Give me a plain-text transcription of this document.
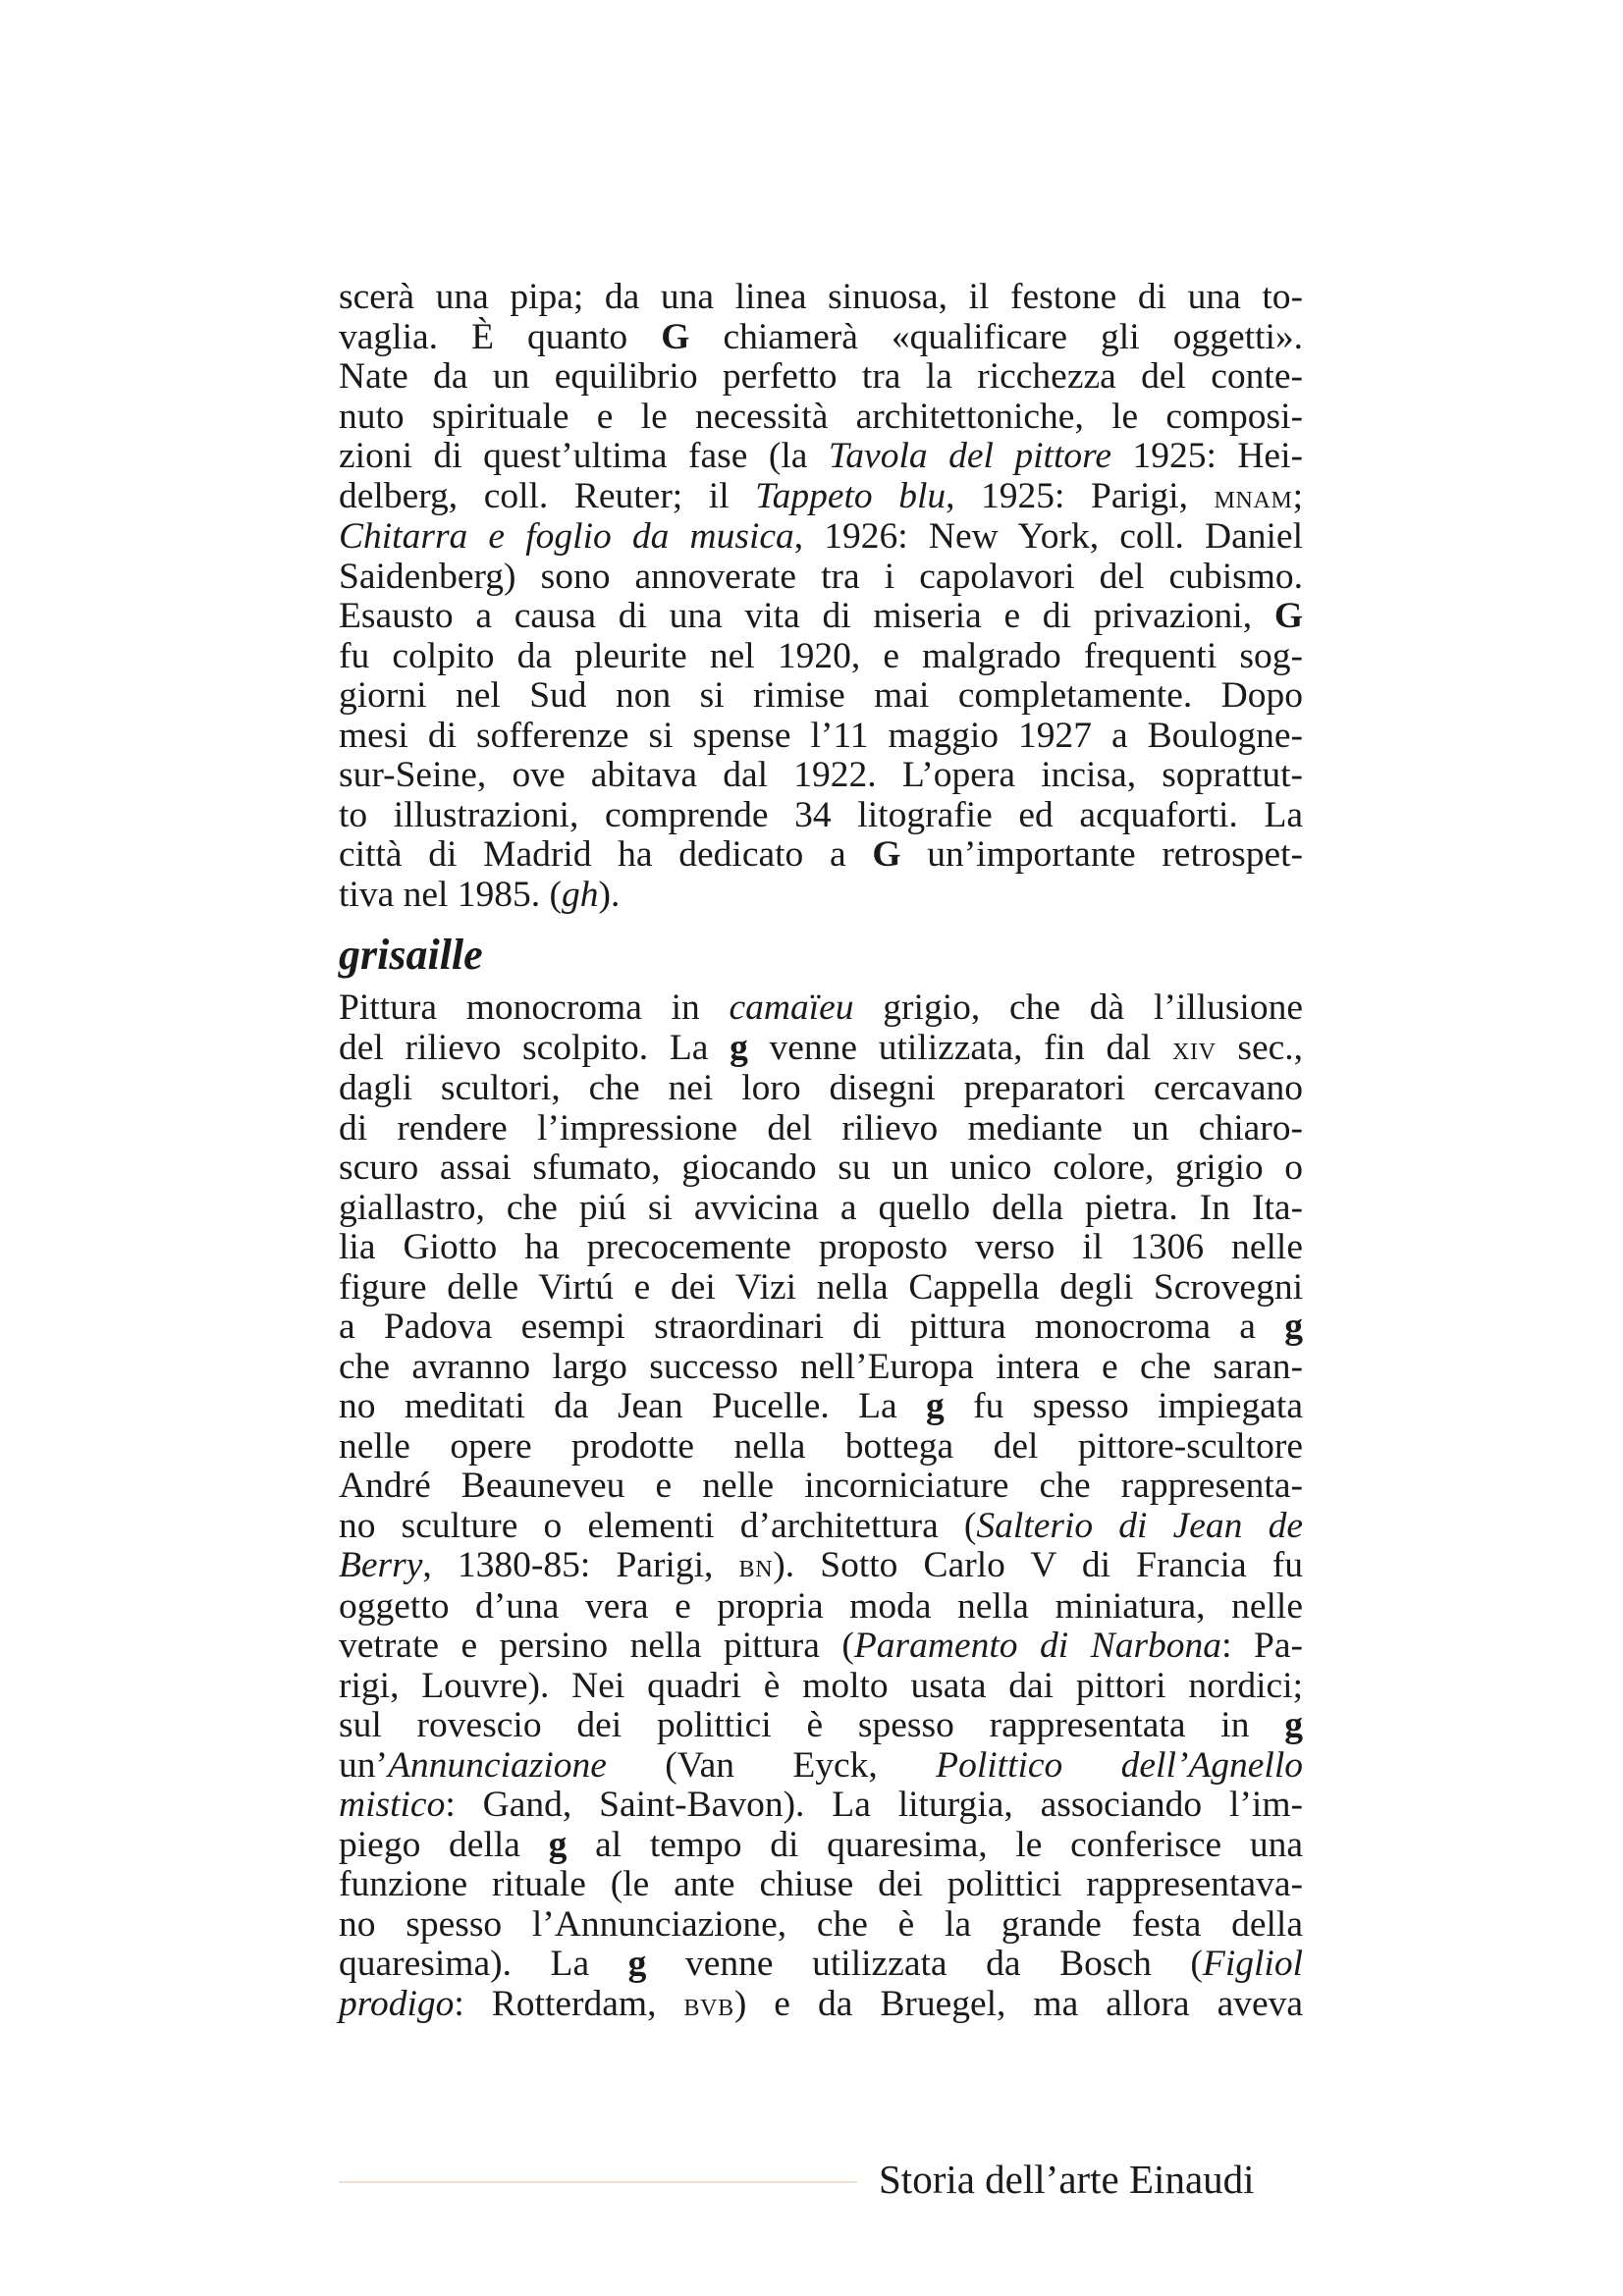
scerà una pipa; da una linea sinuosa, il festone di una to-
vaglia. È quanto G chiamerà «qualificare gli oggetti».
Nate da un equilibrio perfetto tra la ricchezza del conte-
nuto spirituale e le necessità architettoniche, le composi-
zioni di quest’ultima fase (la Tavola del pittore 1925: Hei-
delberg, coll. Reuter; il Tappeto blu, 1925: Parigi, mnam;
Chitarra e foglio da musica, 1926: New York, coll. Daniel
Saidenberg) sono annoverate tra i capolavori del cubismo.
Esausto a causa di una vita di miseria e di privazioni, G
fu colpito da pleurite nel 1920, e malgrado frequenti sog-
giorni nel Sud non si rimise mai completamente. Dopo
mesi di sofferenze si spense l’11 maggio 1927 a Boulogne-
sur-Seine, ove abitava dal 1922. L’opera incisa, soprattut-
to illustrazioni, comprende 34 litografie ed acquaforti. La
città di Madrid ha dedicato a G un’importante retrospet-
tiva nel 1985. (gh).
grisaille
Pittura monocroma in camaïeu grigio, che dà l’illusione
del rilievo scolpito. La g venne utilizzata, fin dal xiv sec.,
dagli scultori, che nei loro disegni preparatori cercavano
di rendere l’impressione del rilievo mediante un chiaro-
scuro assai sfumato, giocando su un unico colore, grigio o
giallastro, che piú si avvicina a quello della pietra. In Ita-
lia Giotto ha precocemente proposto verso il 1306 nelle
figure delle Virtú e dei Vizi nella Cappella degli Scrovegni
a Padova esempi straordinari di pittura monocroma a g
che avranno largo successo nell’Europa intera e che saran-
no meditati da Jean Pucelle. La g fu spesso impiegata
nelle opere prodotte nella bottega del pittore-scultore
André Beauneveu e nelle incorniciature che rappresenta-
no sculture o elementi d’architettura (Salterio di Jean de
Berry, 1380-85: Parigi, bn). Sotto Carlo V di Francia fu
oggetto d’una vera e propria moda nella miniatura, nelle
vetrate e persino nella pittura (Paramento di Narbona: Pa-
rigi, Louvre). Nei quadri è molto usata dai pittori nordici;
sul rovescio dei polittici è spesso rappresentata in g
un’Annunciazione (Van Eyck, Polittico dell’Agnello
mistico: Gand, Saint-Bavon). La liturgia, associando l’im-
piego della g al tempo di quaresima, le conferisce una
funzione rituale (le ante chiuse dei polittici rappresentava-
no spesso l’Annunciazione, che è la grande festa della
quaresima). La g venne utilizzata da Bosch (Figliol
prodigo: Rotterdam, bvb) e da Bruegel, ma allora aveva
Storia dell’arte Einaudi
